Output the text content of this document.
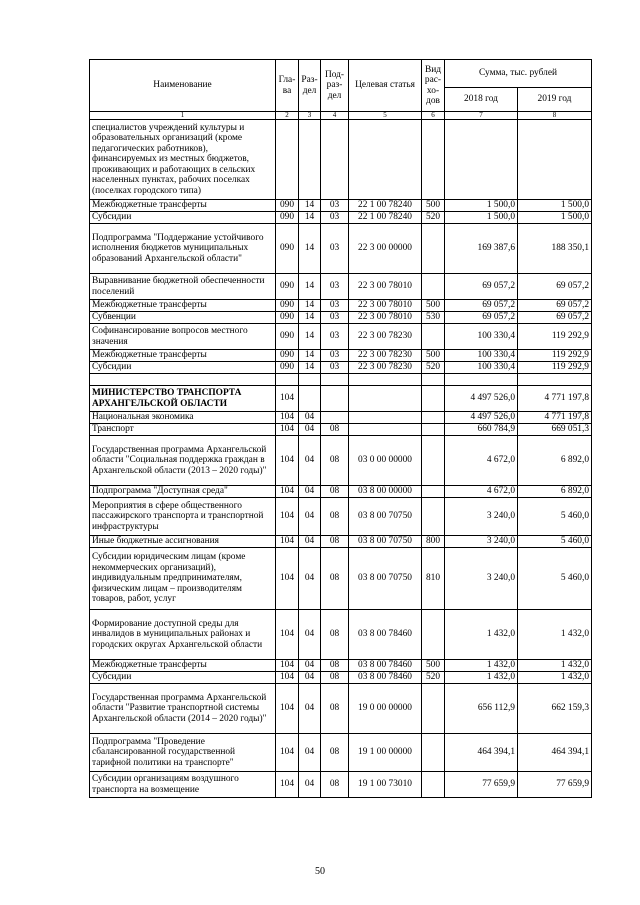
Наименование	Гла-ва	Раз-дел	Под-раз-дел	Целевая статья	Вид рас-хо-дов	Сумма, тыс. рублей	
						2018 год	2019 год
1	2	3	4	5	6	7	8
специалистов учреждений культуры и образовательных организаций (кроме педагогических работников), финансируемых из местных бюджетов, проживающих и работающих в сельских населенных пунктах, рабочих поселках (поселках городского типа)							
Межбюджетные трансферты	090	14	03	22 1 00 78240	500	1 500,0	1 500,0
Субсидии	090	14	03	22 1 00 78240	520	1 500,0	1 500,0
Подпрограмма "Поддержание устойчивого исполнения бюджетов муниципальных образований Архангельской области"	090	14	03	22 3 00 00000		169 387,6	188 350,1
Выравнивание бюджетной обеспеченности поселений	090	14	03	22 3 00 78010		69 057,2	69 057,2
Межбюджетные трансферты	090	14	03	22 3 00 78010	500	69 057,2	69 057,2
Субвенции	090	14	03	22 3 00 78010	530	69 057,2	69 057,2
Софинансирование вопросов местного значения	090	14	03	22 3 00 78230		100 330,4	119 292,9
Межбюджетные трансферты	090	14	03	22 3 00 78230	500	100 330,4	119 292,9
Субсидии	090	14	03	22 3 00 78230	520	100 330,4	119 292,9

МИНИСТЕРСТВО ТРАНСПОРТА АРХАНГЕЛЬСКОЙ ОБЛАСТИ	104					4 497 526,0	4 771 197,8
Национальная экономика	104	04				4 497 526,0	4 771 197,8
Транспорт	104	04	08			660 784,9	669 051,3
Государственная программа Архангельской области "Социальная поддержка граждан в Архангельской области (2013 – 2020 годы)"	104	04	08	03 0 00 00000		4 672,0	6 892,0
Подпрограмма "Доступная среда"	104	04	08	03 8 00 00000		4 672,0	6 892,0
Мероприятия в сфере общественного пассажирского транспорта и транспортной инфраструктуры	104	04	08	03 8 00 70750		3 240,0	5 460,0
Иные бюджетные ассигнования	104	04	08	03 8 00 70750	800	3 240,0	5 460,0
Субсидии юридическим лицам (кроме некоммерческих организаций), индивидуальным предпринимателям, физическим лицам – производителям товаров, работ, услуг	104	04	08	03 8 00 70750	810	3 240,0	5 460,0
Формирование доступной среды для инвалидов в муниципальных районах и городских округах Архангельской области	104	04	08	03 8 00 78460		1 432,0	1 432,0
Межбюджетные трансферты	104	04	08	03 8 00 78460	500	1 432,0	1 432,0
Субсидии	104	04	08	03 8 00 78460	520	1 432,0	1 432,0
Государственная программа Архангельской области "Развитие транспортной системы Архангельской области (2014 – 2020 годы)"	104	04	08	19 0 00 00000		656 112,9	662 159,3
Подпрограмма "Проведение сбалансированной государственной тарифной политики на транспорте"	104	04	08	19 1 00 00000		464 394,1	464 394,1
Субсидии организациям воздушного транспорта на возмещение	104	04	08	19 1 00 73010		77 659,9	77 659,9
50
